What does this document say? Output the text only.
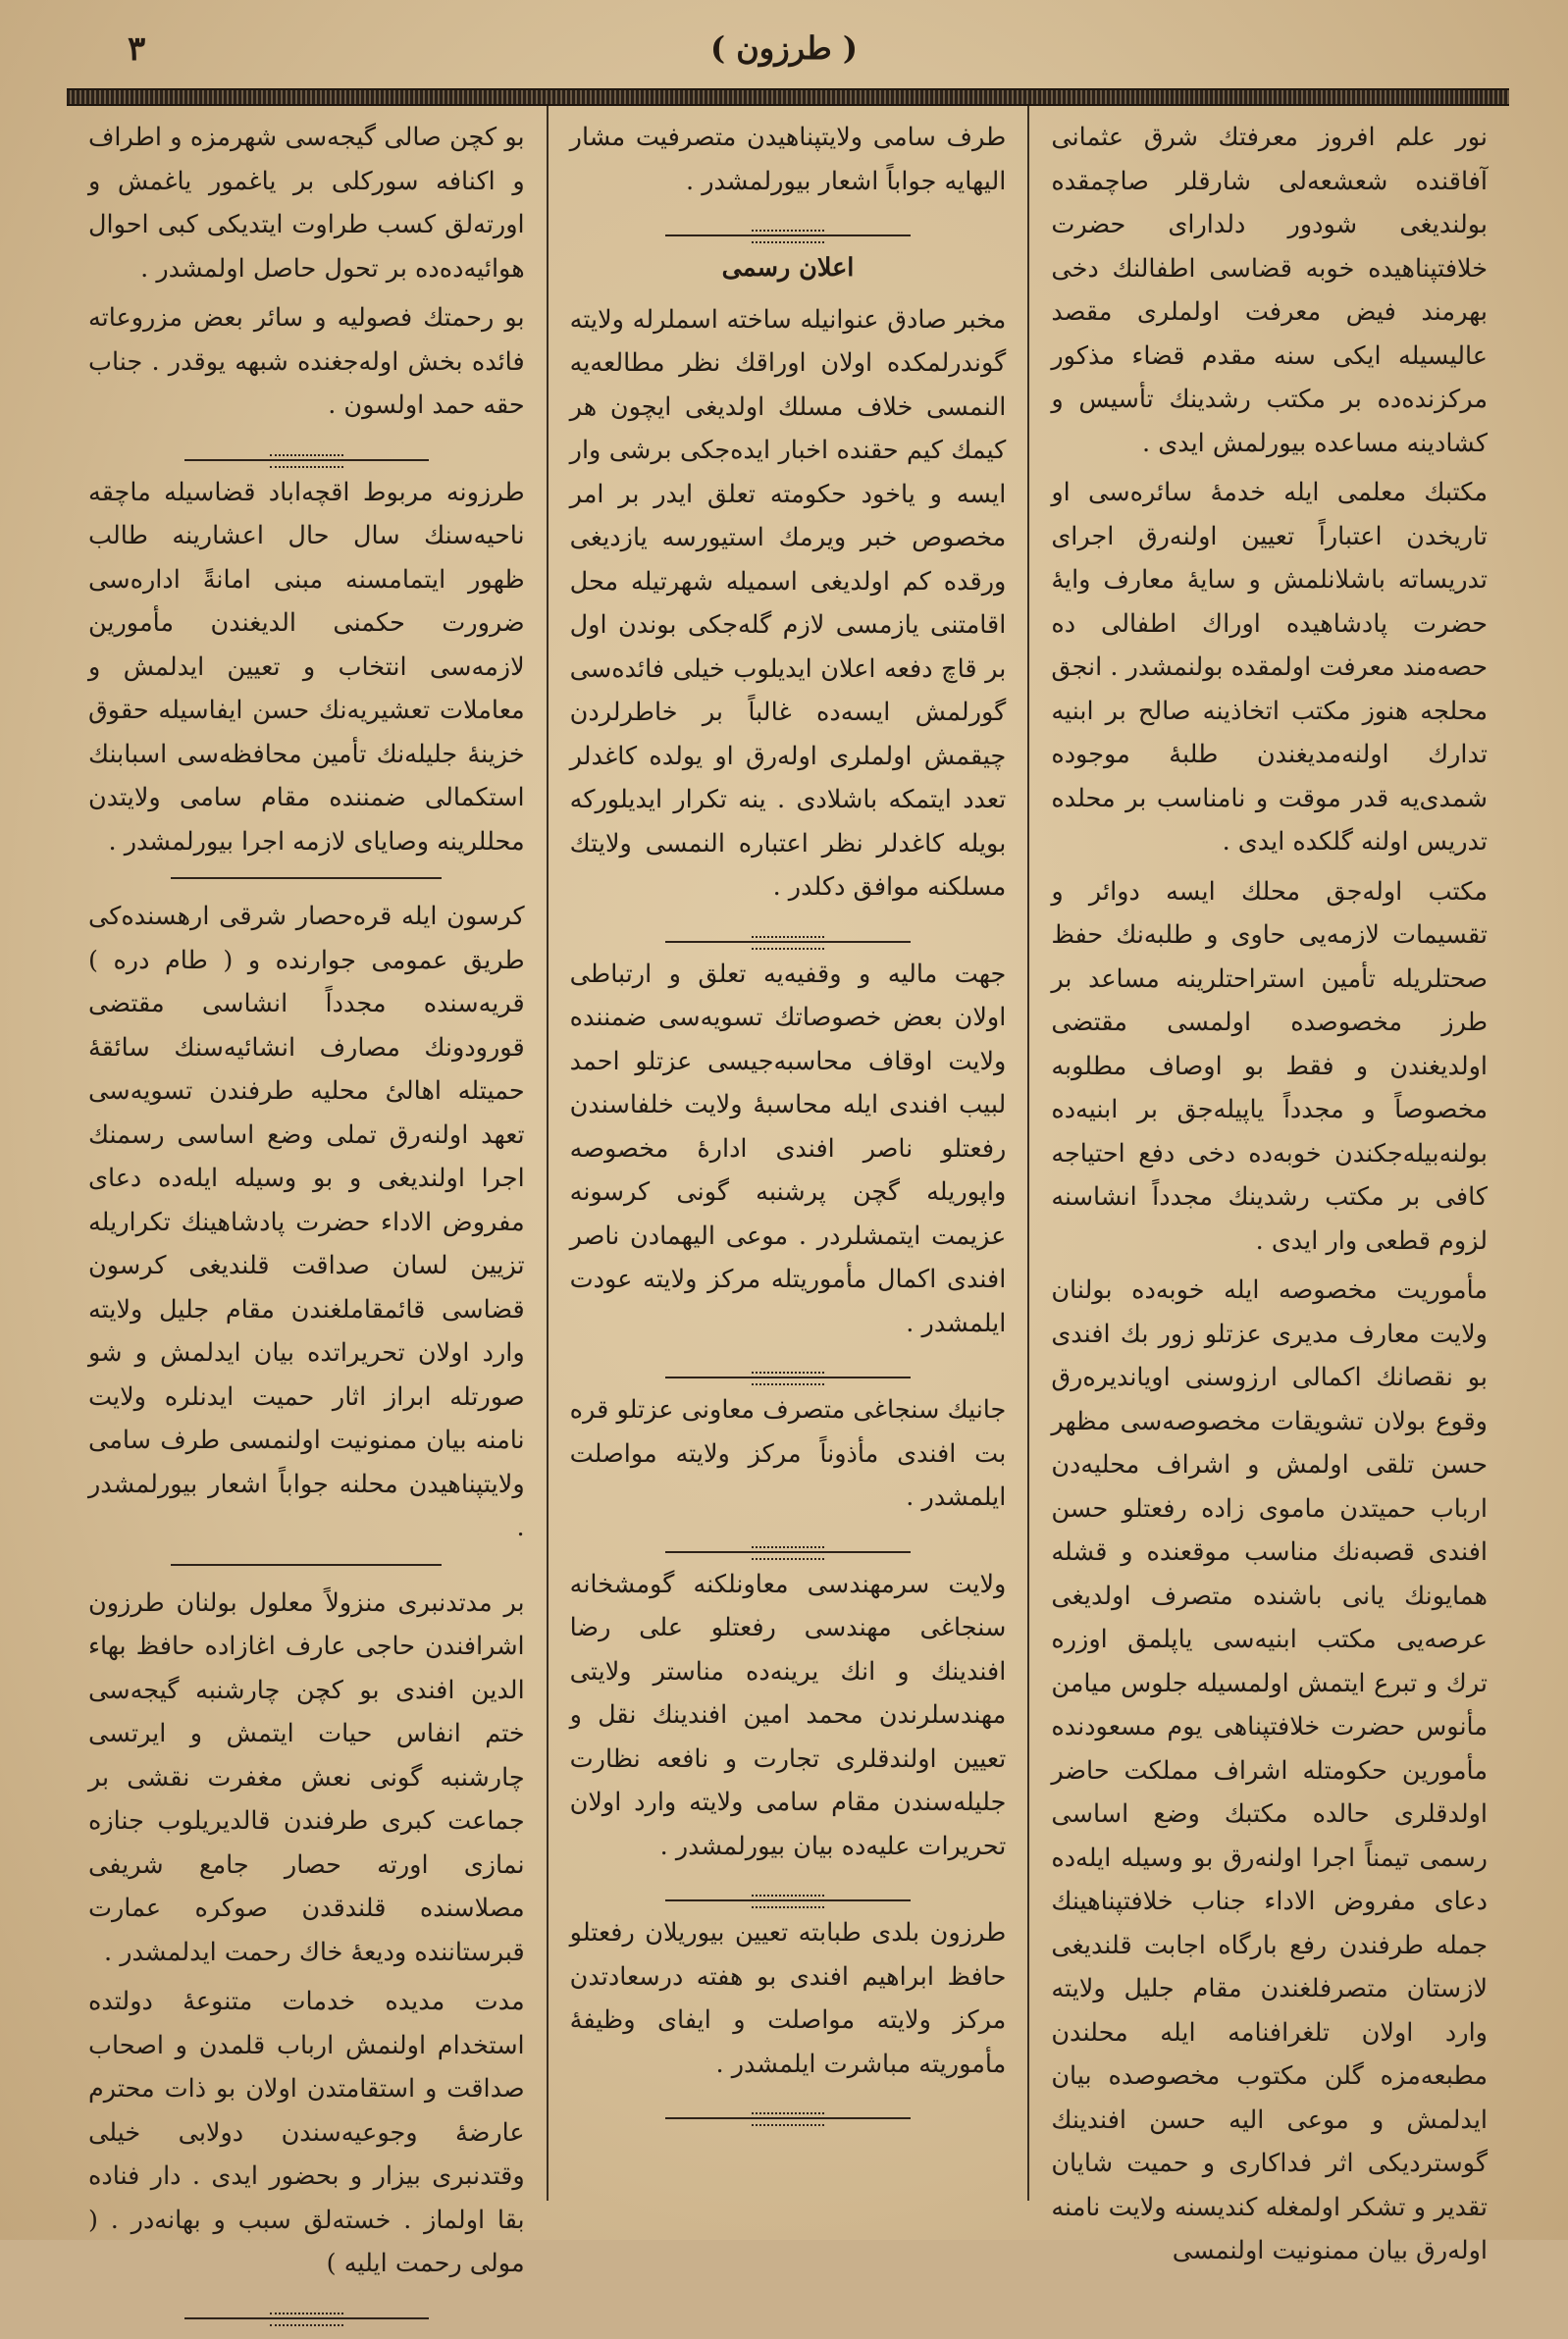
٣	( طرزون )

نور علم افروز معرفتك شرق عثمانی آفاقنده شعشعه‌لی شارقلر صاچمقده بولندیغی شودور دلدارای حضرت خلافتپناهیده خوبه قضاسی اطفالنك دخی بهرمند فیض معرفت اولملری مقصد عالیسیله ایکی سنه مقدم قضاء مذکور مرکزنده‌ده بر مکتب رشدینك تأسیس و کشادینه مساعده بیورلمش ایدی .

مکتبك معلمی ایله خدمهٔ سائره‌سی او تاریخدن اعتباراً تعیین اولنه‌رق اجرای تدریساته باشلانلمش و سایهٔ معارف وایهٔ حضرت پادشاهیده اوراك اطفالی ده حصه‌مند معرفت اولمقده بولنمشدر . انجق محلجه هنوز مکتب اتخاذینه صالح بر ابنیه تدارك اولنه‌مدیغندن طلبهٔ موجوده شمدی‌یه قدر موقت و نامناسب بر محلده تدریس اولنه گلکده ایدی .

مکتب اوله‌جق محلك ایسه دوائر و تقسیمات لازمه‌یی حاوی و طلبه‌نك حفظ صحتلریله تأمین استراحتلرینه مساعد بر طرز مخصوصده اولمسی مقتضی اولدیغندن و فقط بو اوصاف مطلوبه مخصوصاً و مجدداً یاپیله‌جق بر ابنیه‌ده بولنه‌بیله‌جکندن خوبه‌ده دخی دفع احتیاجه کافی بر مکتب رشدینك مجدداً انشاسنه لزوم قطعی وار ایدی .

مأموریت مخصوصه ایله خوبه‌ده بولنان ولایت معارف مدیری عزتلو زور بك افندی بو نقصانك اکمالی ارزوسنی اویاندیره‌رق وقوع بولان تشویقات مخصوصه‌سی مظهر حسن تلقی اولمش و اشراف محلیه‌دن ارباب حمیتدن ماموی زاده رفعتلو حسن افندی قصبه‌نك مناسب موقعنده و قشله همایونك یانی باشنده متصرف اولدیغی عرصه‌یی مکتب ابنیه‌سی یاپلمق اوزره ترك و تبرع ایتمش اولمسیله جلوس میامن مأنوس حضرت خلافتپناهی یوم مسعودنده مأمورین حکومتله اشراف مملکت حاضر اولدقلری حالده مکتبك وضع اساسی رسمی تیمناً اجرا اولنه‌رق بو وسیله ایله‌ده دعای مفروض الاداء جناب خلافتپناهینك جمله طرفندن رفع بارگاه اجابت قلندیغی لازستان متصرفلغندن مقام جلیل ولایته وارد اولان تلغرافنامه ایله محلندن مطبعه‌مزه گلن مکتوب مخصوصده بیان ایدلمش و موعی الیه حسن افندینك گوستردیکی اثر فداکاری و حمیت شایان تقدیر و تشکر اولمغله کندیسنه ولایت نامنه اوله‌رق بیان ممنونیت اولنمسی

طرف سامی ولایتپناهیدن متصرفیت مشار الیهایه جواباً اشعار بیورلمشدر .

اعلان رسمی

مخبر صادق عنوانیله ساخته اسملرله ولایته گوندرلمکده اولان اوراقك نظر مطالعه‌یه النمسی خلاف مسلك اولدیغی ایچون هر کیمك کیم حقنده اخبار ایده‌جکی برشی وار ایسه و یاخود حکومته تعلق ایدر بر امر مخصوص خبر ویرمك استیورسه یازدیغی ورقده کم اولدیغی اسمیله شهرتیله محل اقامتنی یازمسی لازم گله‌جکی بوندن اول بر قاچ دفعه اعلان ایدیلوب خیلی فائده‌سی گورلمش ایسه‌ده غالباً بر خاطرلردن چیقمش اولملری اوله‌رق او یولده کاغدلر تعدد ایتمکه باشلادی . ینه تکرار ایدیلورکه بویله کاغدلر نظر اعتباره النمسی ولایتك مسلکنه موافق دکلدر .

جهت مالیه و وقفیه‌یه تعلق و ارتباطی اولان بعض خصوصاتك تسویه‌سی ضمننده ولایت اوقاف محاسبه‌جیسی عزتلو احمد لبیب افندی ایله محاسبهٔ ولایت خلفاسندن رفعتلو ناصر افندی ادارهٔ مخصوصه واپوریله گچن پرشنبه گونی کرسونه عزیمت ایتمشلردر . موعی الیهمادن ناصر افندی اکمال مأموریتله مرکز ولایته عودت ایلمشدر .

جانیك سنجاغی متصرف معاونی عزتلو قره بت افندی مأذوناً مرکز ولایته مواصلت ایلمشدر .

ولایت سرمهندسی معاونلکنه گومشخانه سنجاغی مهندسی رفعتلو علی رضا افندینك و انك یرینه‌ده مناستر ولایتی مهندسلرندن محمد امین افندینك نقل و تعیین اولندقلری تجارت و نافعه نظارت جلیله‌سندن مقام سامی ولایته وارد اولان تحریرات علیه‌ده بیان بیورلمشدر .

طرزون بلدی طبابته تعیین بیوریلان رفعتلو حافظ ابراهیم افندی بو هفته درسعادتدن مرکز ولایته مواصلت و ایفای وظیفهٔ مأموریته مباشرت ایلمشدر .

بو کچن صالی گیجه‌سی شهرمزه و اطراف و اکنافه سورکلی بر یاغمور یاغمش و اورته‌لق کسب طراوت ایتدیکی کبی احوال هوائیه‌ده‌ده بر تحول حاصل اولمشدر .

بو رحمتك فصولیه و سائر بعض مزروعاته فائده بخش اوله‌جغنده شبهه یوقدر . جناب حقه حمد اولسون .

طرزونه مربوط اقچه‌اباد قضاسیله ماچقه ناحیه‌سنك سال حال اعشارینه طالب ظهور ایتمامسنه مبنی امانةً اداره‌سی ضرورت حکمنی الدیغندن مأمورین لازمه‌سی انتخاب و تعیین ایدلمش و معاملات تعشیریه‌نك حسن ایفاسیله حقوق خزینهٔ جلیله‌نك تأمین محافظه‌سی اسبابنك استکمالی ضمننده مقام سامی ولایتدن محللرینه وصایای لازمه اجرا بیورلمشدر .

کرسون ایله قره‌حصار شرقی ارهسنده‌کی طریق عمومی جوارنده و ( طام دره ) قریه‌سنده مجدداً انشاسی مقتضی قورودونك مصارف انشائیه‌سنك سائقهٔ حمیتله اهالیٔ محلیه طرفندن تسویه‌سی تعهد اولنه‌رق تملی وضع اساسی رسمنك اجرا اولندیغی و بو وسیله ایله‌ده دعای مفروض الاداء حضرت پادشاهینك تکراریله تزیین لسان صداقت قلندیغی کرسون قضاسی قائمقاملغندن مقام جلیل ولایته وارد اولان تحریراتده بیان ایدلمش و شو صورتله ابراز اثار حمیت ایدنلره ولایت نامنه بیان ممنونیت اولنمسی طرف سامی ولایتپناهیدن محلنه جواباً اشعار بیورلمشدر .

بر مدتدنبری منزولاً معلول بولنان طرزون اشرافندن حاجی عارف اغازاده حافظ بهاء الدین افندی بو کچن چارشنبه گیجه‌سی ختم انفاس حیات ایتمش و ایرتسی چارشنبه گونی نعش مغفرت نقشی بر جماعت کبری طرفندن قالدیریلوب جنازه نمازی اورته حصار جامع شریفی مصلاسنده قلندقدن صوکره عمارت قبرستاننده ودیعهٔ خاك رحمت ایدلمشدر .

مدت مدیده خدمات متنوعهٔ دولتده استخدام اولنمش ارباب قلمدن و اصحاب صداقت و استقامتدن اولان بو ذات محترم عارضهٔ وجوعیه‌سندن دولابی خیلی وقتدنبری بیزار و بحضور ایدی . دار فناده بقا اولماز . خسته‌لق سبب و بهانه‌در . ( مولی رحمت ایلیه )
